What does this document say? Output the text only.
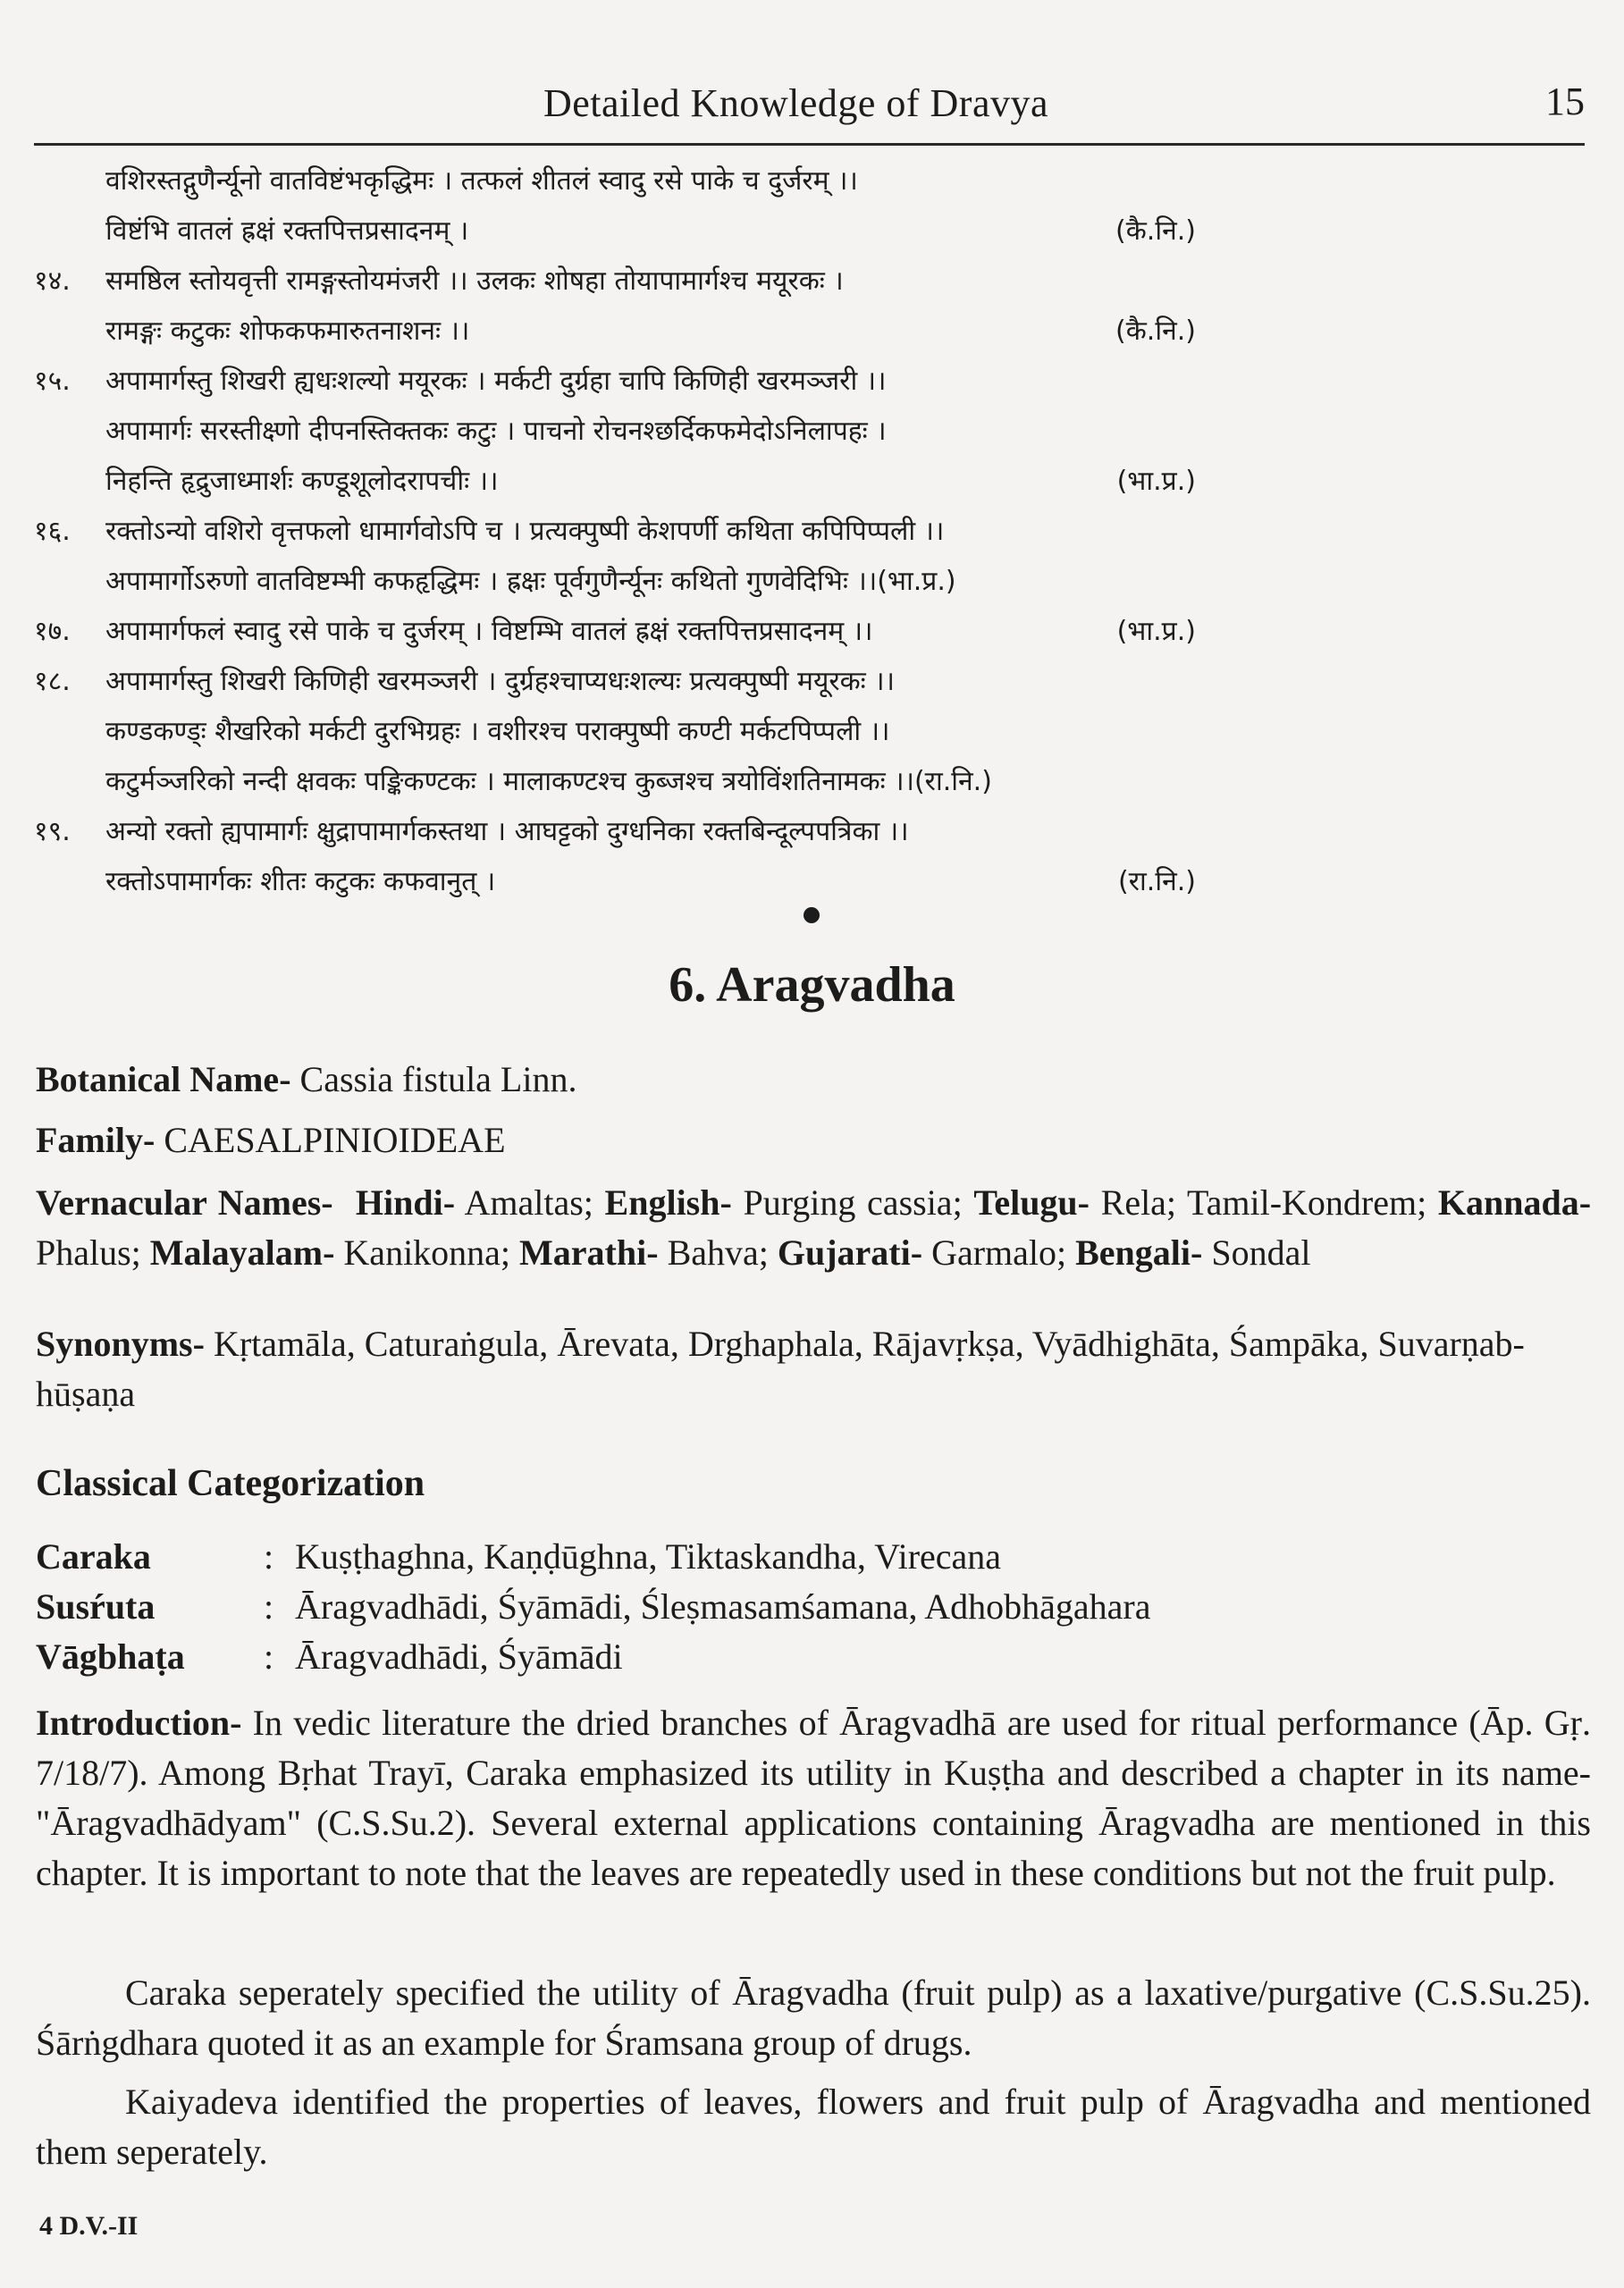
Detailed Knowledge of Dravya	15
वशिरस्तद्गुणैर्न्यूनो वातविष्टंभकृद्धिमः । तत्फलं शीतलं स्वादु रसे पाके च दुर्जरम् ।।
विष्टंभि वातलं ह्रक्षं रक्तपित्तप्रसादनम् ।	(कै.नि.)
१४. समष्ठिल स्तोयवृत्ती रामङ्गस्तोयमंजरी ।। उलकः शोषहा तोयापामार्गश्च मयूरकः ।
रामङ्गः कटुकः शोफकफमारुतनाशनः ।।	(कै.नि.)
१५. अपामार्गस्तु शिखरी ह्यधःशल्यो मयूरकः । मर्कटी दुर्ग्रहा चापि किणिही खरमञ्जरी ।।
अपामार्गः सरस्तीक्ष्णो दीपनस्तिक्तकः कटुः । पाचनो रोचनश्छर्दिकफमेदोऽनिलापहः ।
निहन्ति हृद्रुजाध्मार्शः कण्डूशूलोदरापचीः ।।	(भा.प्र.)
१६. रक्तोऽन्यो वशिरो वृत्तफलो धामार्गवोऽपि च । प्रत्यक्पुष्पी केशपर्णी कथिता कपिपिप्पली ।।
अपामार्गोऽरुणो वातविष्टम्भी कफहृद्धिमः । ह्रक्षः पूर्वगुणैर्न्यूनः कथितो गुणवेदिभिः ।।(भा.प्र.)
१७. अपामार्गफलं स्वादु रसे पाके च दुर्जरम् । विष्टम्भि वातलं ह्रक्षं रक्तपित्तप्रसादनम् ।।	(भा.प्र.)
१८. अपामार्गस्तु शिखरी किणिही खरमञ्जरी । दुर्ग्रहश्चाप्यधःशल्यः प्रत्यक्पुष्पी मयूरकः ।।
कण्डकण्ड्ः शैखरिको मर्कटी दुरभिग्रहः । वशीरश्च पराक्पुष्पी कण्टी मर्कटपिप्पली ।।
कटुर्मञ्जरिको नन्दी क्षवकः पङ्किकण्टकः । मालाकण्टश्च कुब्जश्च त्रयोविंशतिनामकः ।।(रा.नि.)
१९. अन्यो रक्तो ह्यपामार्गः क्षुद्रापामार्गकस्तथा । आघट्टको दुग्धनिका रक्तबिन्दूल्पपत्रिका ।।
रक्तोऽपामार्गकः शीतः कटुकः कफवानुत् ।	(रा.नि.)
6. Aragvadha
Botanical Name- Cassia fistula Linn.
Family- CAESALPINIOIDEAE
Vernacular Names- Hindi- Amaltas; English- Purging cassia; Telugu- Rela; Tamil-Kondrem; Kannada- Phalus; Malayalam- Kanikonna; Marathi- Bahva; Gujarati- Garmalo; Bengali- Sondal
Synonyms- Kṛtamāla, Caturaṅgula, Ārevata, Drghaphala, Rājavṛkṣa, Vyādhighāta, Śampāka, Suvarṇab-hūṣaṇa
Classical Categorization
Caraka	: Kuṣṭhaghna, Kaṇḍūghna, Tiktaskandha, Virecana
Susŕuta	: Āragvadhādi, Śyāmādi, Śleṣmasamśamana, Adhobhāgahara
Vāgbhaṭa : Āragvadhādi, Śyāmādi
Introduction- In vedic literature the dried branches of Āragvadhā are used for ritual performance (Āp. Gṛ. 7/18/7). Among Bṛhat Trayī, Caraka emphasized its utility in Kuṣṭha and described a chapter in its name- "Āragvadhādyam" (C.S.Su.2). Several external applications containing Āragvadha are mentioned in this chapter. It is important to note that the leaves are repeatedly used in these conditions but not the fruit pulp.
Caraka seperately specified the utility of Āragvadha (fruit pulp) as a laxative/purgative (C.S.Su.25). Śārṅgdhara quoted it as an example for Śramsana group of drugs.
Kaiyadeva identified the properties of leaves, flowers and fruit pulp of Āragvadha and mentioned them seperately.
4 D.V.-II
